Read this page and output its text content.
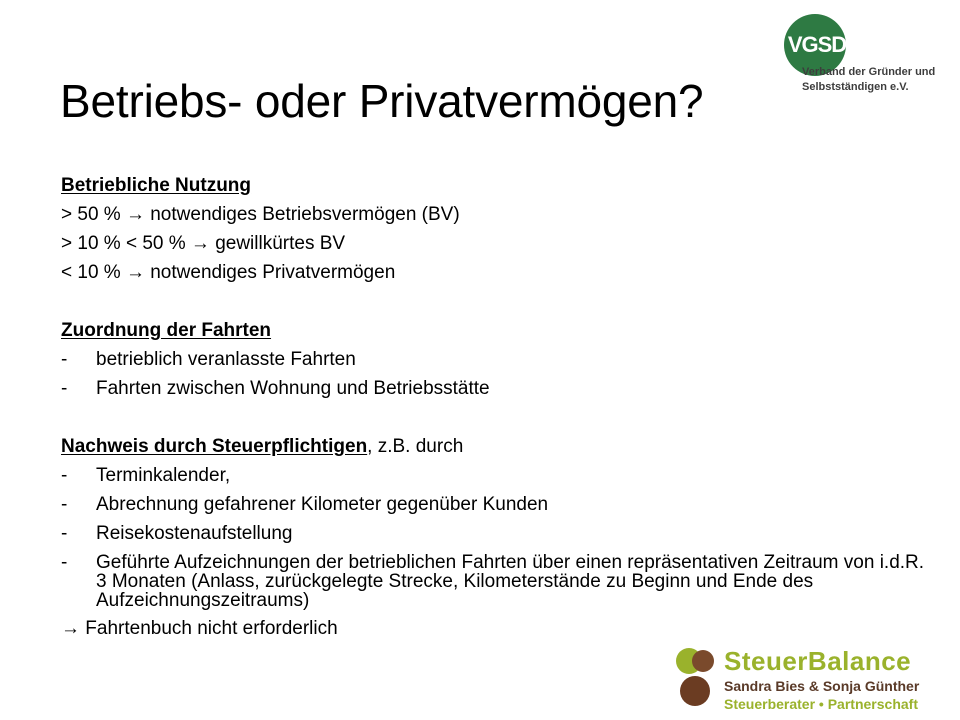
Betriebs- oder Privatvermögen?
VGSD
Verband der Gründer und
Selbstständigen e.V.
Betriebliche Nutzung
> 50 % → notwendiges Betriebsvermögen (BV)
> 10 % < 50 % → gewillkürtes BV
< 10 % → notwendiges Privatvermögen
Zuordnung der Fahrten
-	betrieblich veranlasste Fahrten
-	Fahrten zwischen Wohnung und Betriebsstätte
Nachweis durch Steuerpflichtigen, z.B. durch
-	Terminkalender,
-	Abrechnung gefahrener Kilometer gegenüber Kunden
-	Reisekostenaufstellung
-	Geführte Aufzeichnungen der betrieblichen Fahrten über einen repräsentativen Zeitraum von i.d.R. 3 Monaten (Anlass, zurückgelegte Strecke, Kilometerstände zu Beginn und Ende des Aufzeichnungszeitraums)
→ Fahrtenbuch nicht erforderlich
SteuerBalance
Sandra Bies & Sonja Günther
Steuerberater • Partnerschaft
